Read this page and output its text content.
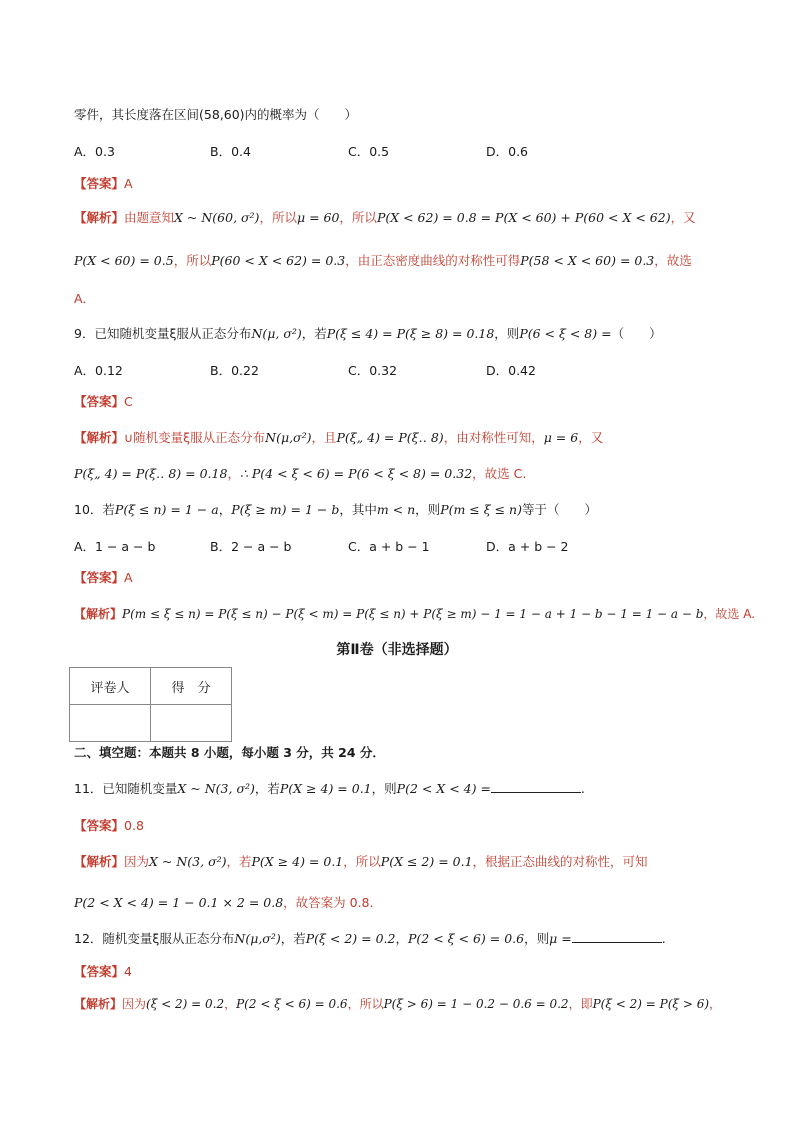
零件，其长度落在区间(58,60)内的概率为（　　）
A．0.3	B．0.4	C．0.5	D．0.6
【答案】A
【解析】由题意知X ~ N(60, σ²)，所以μ = 60，所以P(X < 62) = 0.8 = P(X < 60) + P(60 < X < 62)，又
P(X < 60) = 0.5，所以P(60 < X < 62) = 0.3，由正态密度曲线的对称性可得P(58 < X < 60) = 0.3，故选
A．
9．已知随机变量ξ服从正态分布N(μ, σ²)，若P(ξ ≤ 4) = P(ξ ≥ 8) = 0.18，则P(6 < ξ < 8) =（　　）
A．0.12	B．0.22	C．0.32	D．0.42
【答案】C
【解析】∪随机变量ξ服从正态分布N(μ,σ²)，且P(ξ„ 4) = P(ξ‥ 8)，由对称性可知，μ = 6，又
P(ξ„ 4) = P(ξ‥ 8) = 0.18，∴ P(4 < ξ < 6) = P(6 < ξ < 8) = 0.32，故选 C.
10．若P(ξ ≤ n) = 1 − a，P(ξ ≥ m) = 1 − b，其中m < n，则P(m ≤ ξ ≤ n)等于（　　）
A．1 − a − b	B．2 − a − b	C．a + b − 1	D．a + b − 2
【答案】A
【解析】P(m ≤ ξ ≤ n) = P(ξ ≤ n) − P(ξ < m) = P(ξ ≤ n) + P(ξ ≥ m) − 1 = 1 − a + 1 − b − 1 = 1 − a − b，故选 A.
第Ⅱ卷（非选择题）
评卷人	得　分

二、填空题：本题共 8 小题，每小题 3 分，共 24 分．
11．已知随机变量X ~ N(3, σ²)，若P(X ≥ 4) = 0.1，则P(2 < X < 4) =	.
【答案】0.8
【解析】因为X ~ N(3, σ²)，若P(X ≥ 4) = 0.1，所以P(X ≤ 2) = 0.1，根据正态曲线的对称性，可知
P(2 < X < 4) = 1 − 0.1 × 2 = 0.8，故答案为 0.8.
12．随机变量ξ服从正态分布N(μ,σ²)，若P(ξ < 2) = 0.2，P(2 < ξ < 6) = 0.6，则μ =	.
【答案】4
【解析】因为(ξ < 2) = 0.2，P(2 < ξ < 6) = 0.6，所以P(ξ > 6) = 1 − 0.2 − 0.6 = 0.2，即P(ξ < 2) = P(ξ > 6)，
